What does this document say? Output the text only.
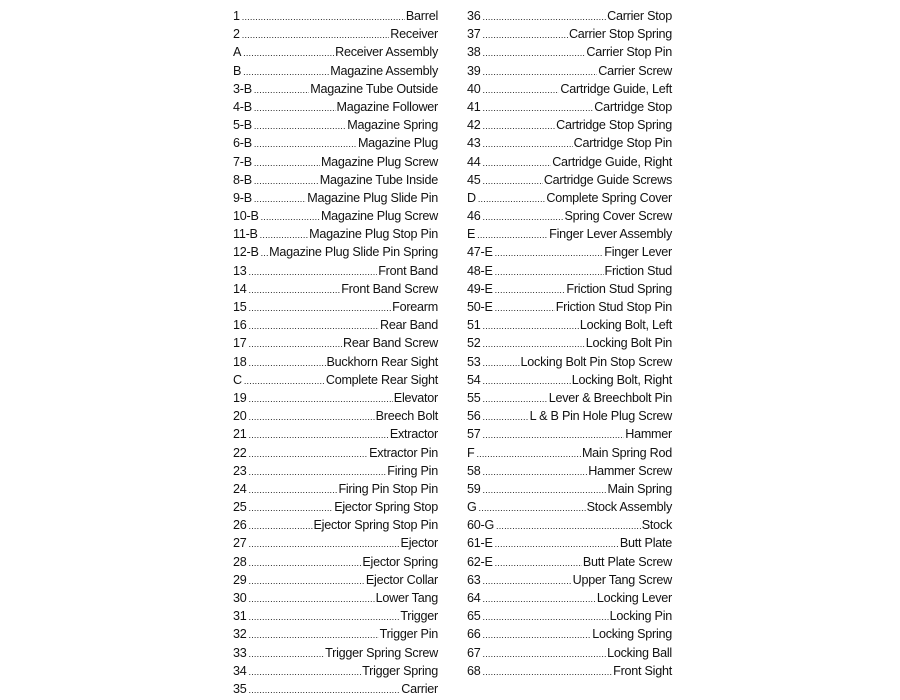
1 .....	Barrel
2 .....	Receiver
A .....	Receiver Assembly
B .....	Magazine Assembly
3-B .....	Magazine Tube Outside
4-B .....	Magazine Follower
5-B .....	Magazine Spring
6-B .....	Magazine Plug
7-B .....	Magazine Plug Screw
8-B .....	Magazine Tube Inside
9-B .....	Magazine Plug Slide Pin
10-B .....	Magazine Plug Screw
11-B .....	Magazine Plug Stop Pin
12-B ..... Magazine Plug Slide Pin Spring
13 .....	Front Band
14 .....	Front Band Screw
15 .....	Forearm
16 .....	Rear Band
17 .....	Rear Band Screw
18 .....	Buckhorn Rear Sight
C .....	Complete Rear Sight
19 .....	Elevator
20 .....	Breech Bolt
21 .....	Extractor
22 .....	Extractor Pin
23 .....	Firing Pin
24 .....	Firing Pin Stop Pin
25 .....	Ejector Spring Stop
26 .....	Ejector Spring Stop Pin
27 .....	Ejector
28 .....	Ejector Spring
29 .....	Ejector Collar
30 .....	Lower Tang
31 .....	Trigger
32 .....	Trigger Pin
33 .....	Trigger Spring Screw
34 .....	Trigger Spring
35 .....	Carrier
36 .....	Carrier Stop
37 .....	Carrier Stop Spring
38 .....	Carrier Stop Pin
39 .....	Carrier Screw
40 .....	Cartridge Guide, Left
41 .....	Cartridge Stop
42 .....	Cartridge Stop Spring
43 .....	Cartridge Stop Pin
44 .....	Cartridge Guide, Right
45 .....	Cartridge Guide Screws
D .....	Complete Spring Cover
46 .....	Spring Cover Screw
E .....	Finger Lever Assembly
47-E .....	Finger Lever
48-E .....	Friction Stud
49-E .....	Friction Stud Spring
50-E .....	Friction Stud Stop Pin
51 .....	Locking Bolt, Left
52 .....	Locking Bolt Pin
53 .....	Locking Bolt Pin Stop Screw
54 .....	Locking Bolt, Right
55 .....	Lever & Breechbolt Pin
56 .....	L & B Pin Hole Plug Screw
57 .....	Hammer
F .....	Main Spring Rod
58 .....	Hammer Screw
59 .....	Main Spring
G .....	Stock Assembly
60-G .....	Stock
61-E .....	Butt Plate
62-E .....	Butt Plate Screw
63 .....	Upper Tang Screw
64 .....	Locking Lever
65 .....	Locking Pin
66 .....	Locking Spring
67 .....	Locking Ball
68 .....	Front Sight
